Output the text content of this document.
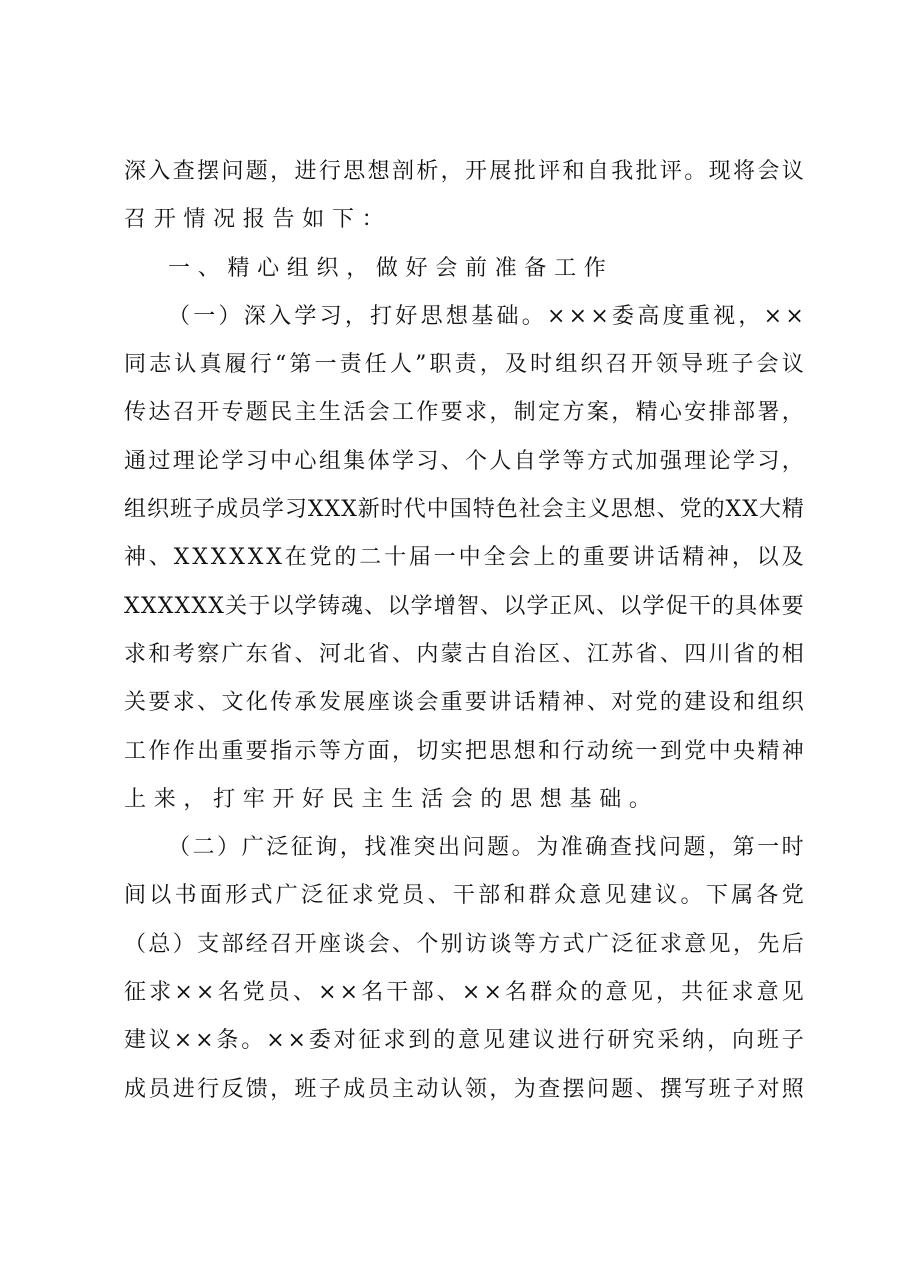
深 入 查 摆 问 题 ， 进 行 思 想 剖 析 ， 开 展 批 评 和 自 我 批 评 。 现 将 会 议
召开情况报告如下：
一、精心组织，做好会前准备工作
（ 一 ） 深 入 学 习 ， 打 好 思 想 基 础 。 × × × 委 高 度 重 视 ， × ×
同 志 认 真 履 行 “ 第 一 责 任 人 ” 职 责 ， 及 时 组 织 召 开 领 导 班 子 会 议
传 达 召 开 专 题 民 主 生 活 会 工 作 要 求 ， 制 定 方 案 ， 精 心 安 排 部 署 ，
通 过 理 论 学 习 中 心 组 集 体 学 习 、 个 人 自 学 等 方 式 加 强 理 论 学 习 ，
组 织 班 子 成 员 学 习 X X X 新 时 代 中 国 特 色 社 会 主 义 思 想 、 党 的 X X 大 精
神 、 X X X X X X 在 党 的 二 十 届 一 中 全 会 上 的 重 要 讲 话 精 神 ， 以 及
X X X X X X 关 于 以 学 铸 魂 、 以 学 增 智 、 以 学 正 风 、 以 学 促 干 的 具 体 要
求 和 考 察 广 东 省 、 河 北 省 、 内 蒙 古 自 治 区 、 江 苏 省 、 四 川 省 的 相
关 要 求 、 文 化 传 承 发 展 座 谈 会 重 要 讲 话 精 神 、 对 党 的 建 设 和 组 织
工 作 作 出 重 要 指 示 等 方 面 ， 切 实 把 思 想 和 行 动 统 一 到 党 中 央 精 神
上来，打牢开好民主生活会的思想基础。
（ 二 ） 广 泛 征 询 ， 找 准 突 出 问 题 。 为 准 确 查 找 问 题 ， 第 一 时
间 以 书 面 形 式 广 泛 征 求 党 员 、 干 部 和 群 众 意 见 建 议 。 下 属 各 党
（ 总 ） 支 部 经 召 开 座 谈 会 、 个 别 访 谈 等 方 式 广 泛 征 求 意 见 ， 先 后
征 求 × × 名 党 员 、 × × 名 干 部 、 × × 名 群 众 的 意 见 ， 共 征 求 意 见
建 议 × × 条 。 × × 委 对 征 求 到 的 意 见 建 议 进 行 研 究 采 纳 ， 向 班 子
成 员 进 行 反 馈 ， 班 子 成 员 主 动 认 领 ， 为 查 摆 问 题 、 撰 写 班 子 对 照
